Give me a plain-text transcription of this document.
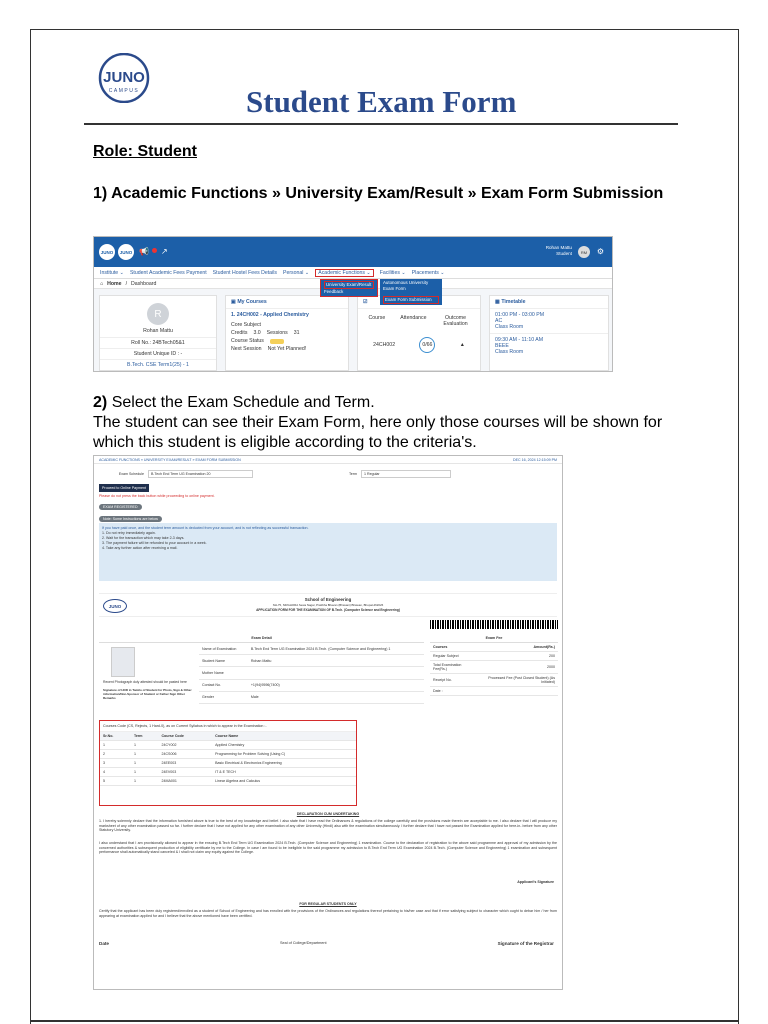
JUNO
CAMPUS	Student Exam Form
Role: Student
1) Academic Functions » University Exam/Result » Exam Form Submission
JUNO	JUNO 📢 ↗	Rohan Mattu
Student	RM	⚙
Institute ⌄ Student Academic Fees Payment Student Hostel Fees Details Personal ⌄	Academic Functions ⌄	Facilities ⌄ Placements ⌄
⌂ Home / Dashboard
R
Rohan Mattu
Roll No.: 24BTech05&1
Student Unique ID : -
B.Tech. CSE Term1(25) - 1
▣ My Courses
1. 24CH002 - Applied Chemistry
Core Subject
Credits 3.0 Sessions 31
Course Status
Next Session Not Yet Planned!
☑
Course	Attendance	Outcome Evaluation
24CH002	0/66	▲
▦ Timetable
01:00 PM - 03:00 PM
AC
Class Room
09:30 AM - 11:10 AM
BEEE
Class Room
University Exam/Result
Feedback
Autonomous University
Exam Form
Exam Form Submission
2) Select the Exam Schedule and Term.
The student can see their Exam Form, here only those courses will be shown for which this student is eligible according to the criteria's.
ACADEMIC FUNCTIONS » UNIVERSITY EXAM/RESULT » EXAM FORM SUBMISSION	DEC 16, 2024 12:15:09 PM
Exam Schedule	B.Tech End Term UG Examination 20	Term	1 Regular
Proceed to Online Payment
Please do not press the back button while proceeding to online payment.
EXAM REGISTERED
Note: Some Instructions are below
If you have paid once, and the student term amount is deducted from your account, and is not reflecting as successful transaction.
1. Do not retry immediately again.
2. Wait for the transaction which may take 2-3 days.
3. The payment failure will be refunded to your account in a week.
4. Take any further action after receiving a mail.
JUNO
School of Engineering
NH-75, SIRGHORA Sewa Nagar, Pratibha Bhavan (Bhavani) Bhawan, Bhopal-462026
APPLICATION FORM FOR THE EXAMINATION OF B.Tech. (Computer Science and Engineering)
Exam Detail
Recent Photograph duly attested should be pasted here
Signature of HOD in Tamilo of Student for Photo, Sign & Other information/Non-Sponsor of Student or Father Sign Other Remarks
Name of Examination	B.Tech End Term UG Examination 2024 B.Tech. (Computer Science and Engineering) 1
Student Name	Rohan Mattu
Mother Name	
Contact No.	+1(94)9596(7400)
Gender	Male
Exam Fee
Courses	Amount(Rs.)
Regular Subject	200
Total Examination Fee(Rs.)	2000
Receipt No.	Processed Fee (Post Closed Student) (As Initiated)
Date :	
Courses Code (CS, Rejects, 1 Hard-0), as on Current Syllabus in which to appear in the Examination :-
Sr.No.	Term	Course Code	Course Name
1	1	24CY002	Applied Chemistry
2	1	24CS006	Programming for Problem Solving (Using C)
3	1	24EE003	Basic Electrical & Electronics Engineering
4	1	24EV003	IT & E TECH
5	1	24MA001	Linear Algebra and Calculus
DECLARATION CUM UNDERTAKING
1. I hereby solemnly declare that the information furnished above is true to the best of my knowledge and belief. I also state that I have read the Ordinances & regulations of the college carefully and the provisions made therein are acceptable to me. I also declare that I will produce my marksheet of any other examination passed so far. I further declare that I have not applied for any other examination of any other University (Hindi) also with the examination simultaneously. I further declare that I have not passed the Examination applied for here-in- before from any other Statutory University.
I also understand that I am provisionally allowed to appear in the ensuing B.Tech End Term UG Examination 2024 B.Tech. (Computer Science and Engineering) 1 examination. Course to the declaration of registration to the above said programme and approval of my admission by the concerned authorities & subsequent production of eligibility certificate by me to the College. In case I am found to be ineligible to the said programme my admission to B.Tech End Term UG Examination 2024 B.Tech. (Computer Science and Engineering) 1 examination and subsequent performance shall automatically stand canceled & I shall not claim any equity against the College.
Applicant's Signature
FOR REGULAR STUDENTS ONLY
Certify that the applicant has been duly registered/enrolled as a student of School of Engineering and has enrolled with the provisions of the Ordinances and regulations thereof pertaining to his/her case and that if error satisfying subject to character which ought to debar him / her from appearing at examination applied for and I believe that the above mentioned have been certified.
Date	Seal of College/Department	Signature of the Registrar
